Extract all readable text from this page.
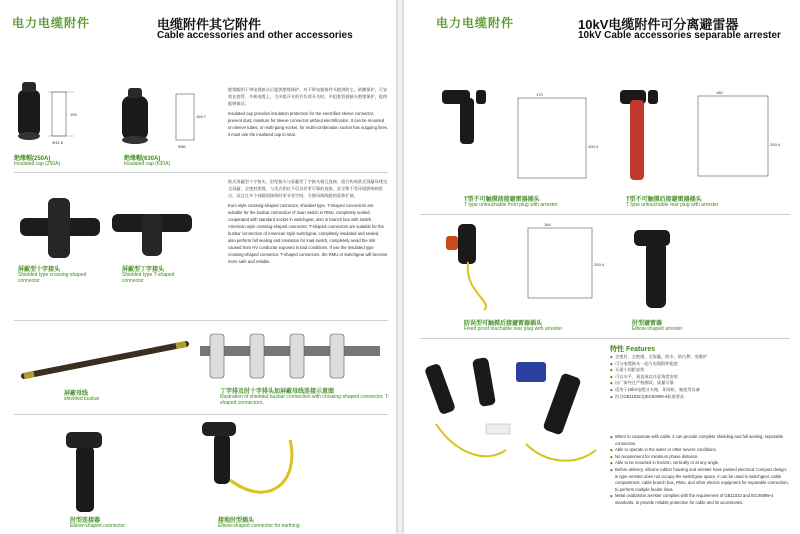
电力电缆附件	电缆附件其它附件
Cable accessories and other accessories
159
Φ44.5
绝缘帽(250A)
Insulated cap (250A)
159.7
Φ86
绝缘帽(630A)
Insulated cap (630A)

绝缘帽用于带电插接头后提供绝缘保护，对不带电插接件头提供防尘、防潮保护，可安装在套管、多极电缆上，当多组开关柜有负荷开关时，多组套管插接头绝缘保护，提供能够保证。

Insulated cap provides insulation protection for the electrified sleeve connector, prevent dust, moisture for sleeve connector without electrification. It can be mounted on sleeve tubes, or multi-gang socket, for multi-combination socket has outgoing lines, it must use the insulated cap to seal.

屏蔽型十字接头
Shielded type crossing-shaped connector
屏蔽型丁字接头
Shielded type T-shaped connector

欧式屏蔽型十字接头、肘型接头与屏蔽型丁字接头相互连接，组合构成欧式屏蔽母线完全屏蔽、全密封绝缘，与美式相比不仅具有更可靠的连接、安全和不受环境影响的优点，而且在多个间隔间接续时更节省空间，方便母线线路的延伸扩展。

Euro style crossing-shaped connector, shielded type, T-shaped connectors are suitable for the busbar connection of main switch in RMU, completely sealed, cooperated with standard socket in switchgear, also in branch box with switch. American style crossing-shaped connector, T-shaped connectors are suitable for the busbar connection of American style switchgear, completely insulated and sealed, also perform full sealing and insulation for load switch, completely avoid the risk caused from HV conductor exposed in bad conditions. If use the insulated type crossing-shaped connector, T-shaped connectors, the RMU or switchgear will become more safe and reliable.

屏蔽母线
shielded busbar
丁字排及肘十字排头加屏蔽母线连接示意图
Illustration of shielded busbar connection with crossing-shaped connector, T-shaped connectors.
肘型连接器
Elbow-shaped connector
接地肘型插头
Elbow-shaped connector for earthing
电力电缆附件	10kV电缆附件可分离避雷器
10kV Cable accessories separable arrester
170
200.4
T型不可触摸前接避雷器插头
T type untouchable front plug with arrester
180
200.4
T型不可触摸后接避雷器插头
T type untouchable rear plug with arrester
184
200.4
防误型可触摸后接避雷器插头
Fixed proof touchable rear plug with arrester
肘型避雷器
Elbow-shaped arrester
特性 Features
◆ 全密封，全绝缘，全屏蔽，防水，防污秽，免维护
◆ 可与电缆接头一起与电缆附件配套
◆ 无需小间距安装
◆ 可以水平、垂直或以任意角度安装
◆ 出厂前经过严格测试，质量可靠
◆ 适用于10kV电缆分支箱、环网柜、箱变等设备
◆ 符合GB11032及IEC60099-4标准要求
◆ When to cooperate with cable, it can provide complete shielding and full sealing, separable connection.
◆ Able to operate in the water or other severe conditions.
◆ No requirement for minimum phase distance.
◆ Able to be mounted in horizon, vertically or at any angle.
◆ Before delivery, silicone rubber housing and arrester have passed electrical Compact design; in type arrester does not occupy the switchgear space, it can be used in switchgear, cable compartment, cable branch box, RMU, and other electric equipment for separable connection, to perform multiple feeder lines.
◆ Metal oxidization arrester complies with the requirement of GB11032 and IEC60099-4 standards, to provide reliable protection for cable and its accessories.
